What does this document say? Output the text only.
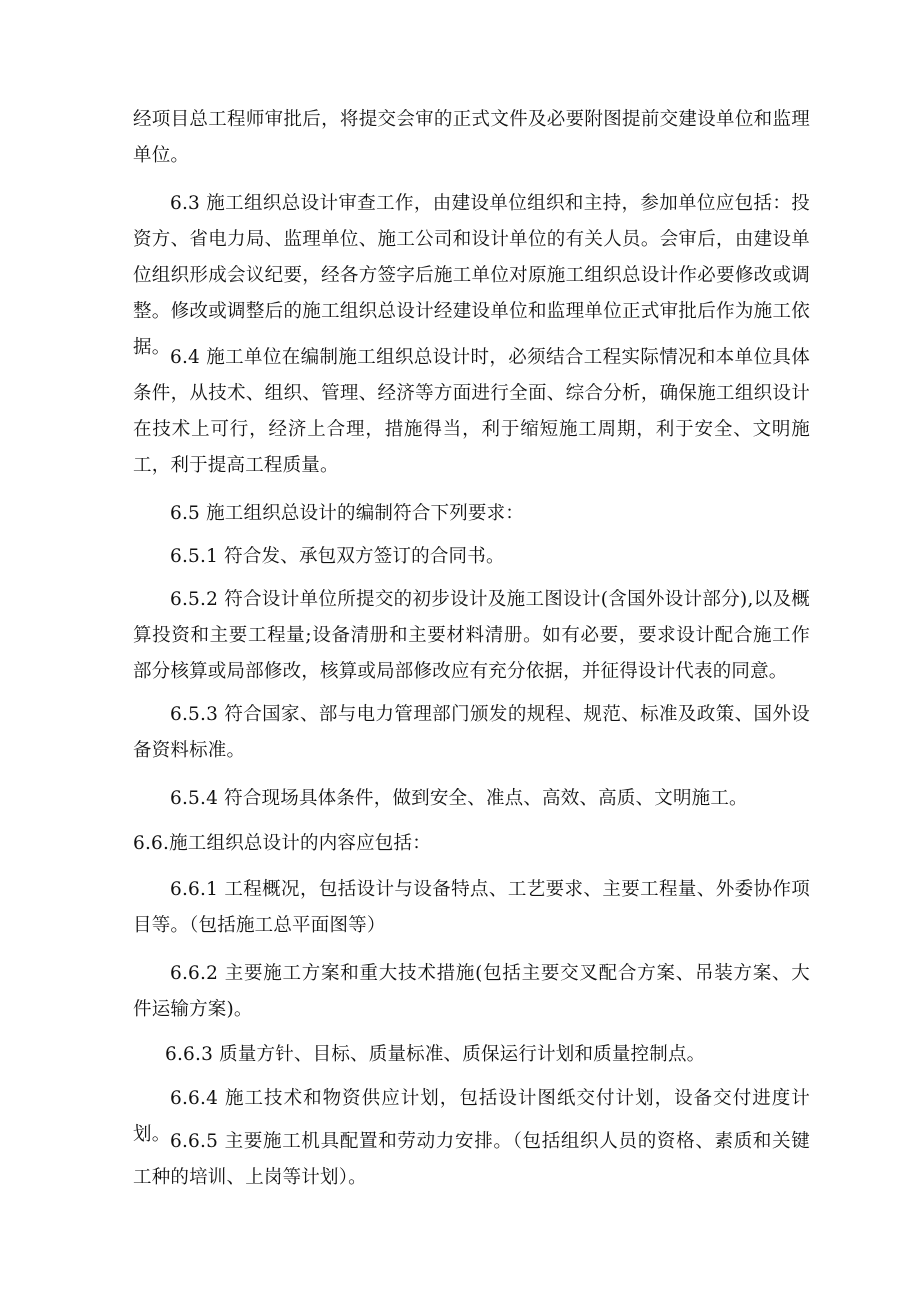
经项目总工程师审批后，将提交会审的正式文件及必要附图提前交建设单位和监理单位。

6.3 施工组织总设计审查工作，由建设单位组织和主持，参加单位应包括：投资方、省电力局、监理单位、施工公司和设计单位的有关人员。会审后，由建设单位组织形成会议纪要，经各方签字后施工单位对原施工组织总设计作必要修改或调整。修改或调整后的施工组织总设计经建设单位和监理单位正式审批后作为施工依据。 6.4 施工单位在编制施工组织总设计时，必须结合工程实际情况和本单位具体条件，从技术、组织、管理、经济等方面进行全面、综合分析，确保施工组织设计在技术上可行，经济上合理，措施得当，利于缩短施工周期，利于安全、文明施工，利于提高工程质量。

6.5 施工组织总设计的编制符合下列要求：

6.5.1 符合发、承包双方签订的合同书。

6.5.2 符合设计单位所提交的初步设计及施工图设计(含国外设计部分),以及概算投资和主要工程量;设备清册和主要材料清册。如有必要，要求设计配合施工作部分核算或局部修改，核算或局部修改应有充分依据，并征得设计代表的同意。

6.5.3 符合国家、部与电力管理部门颁发的规程、规范、标准及政策、国外设备资料标准。

6.5.4 符合现场具体条件，做到安全、准点、高效、高质、文明施工。

6.6.施工组织总设计的内容应包括：

6.6.1 工程概况，包括设计与设备特点、工艺要求、主要工程量、外委协作项目等。（包括施工总平面图等）

6.6.2 主要施工方案和重大技术措施(包括主要交叉配合方案、吊装方案、大件运输方案)。

6.6.3 质量方针、目标、质量标准、质保运行计划和质量控制点。

6.6.4 施工技术和物资供应计划，包括设计图纸交付计划，设备交付进度计划。 6.6.5 主要施工机具配置和劳动力安排。（包括组织人员的资格、素质和关键工种的培训、上岗等计划）。
